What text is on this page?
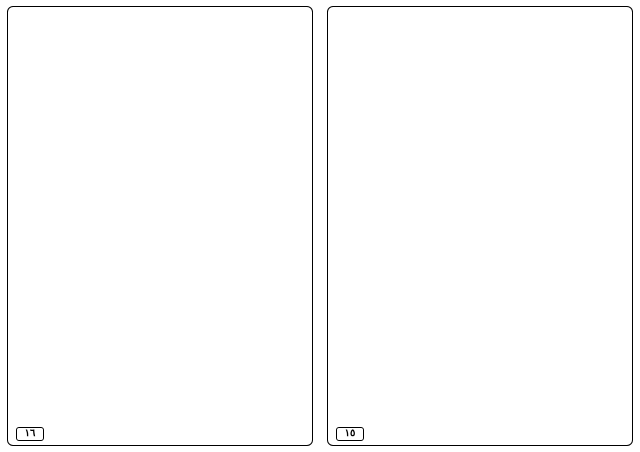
١٦	١٥
